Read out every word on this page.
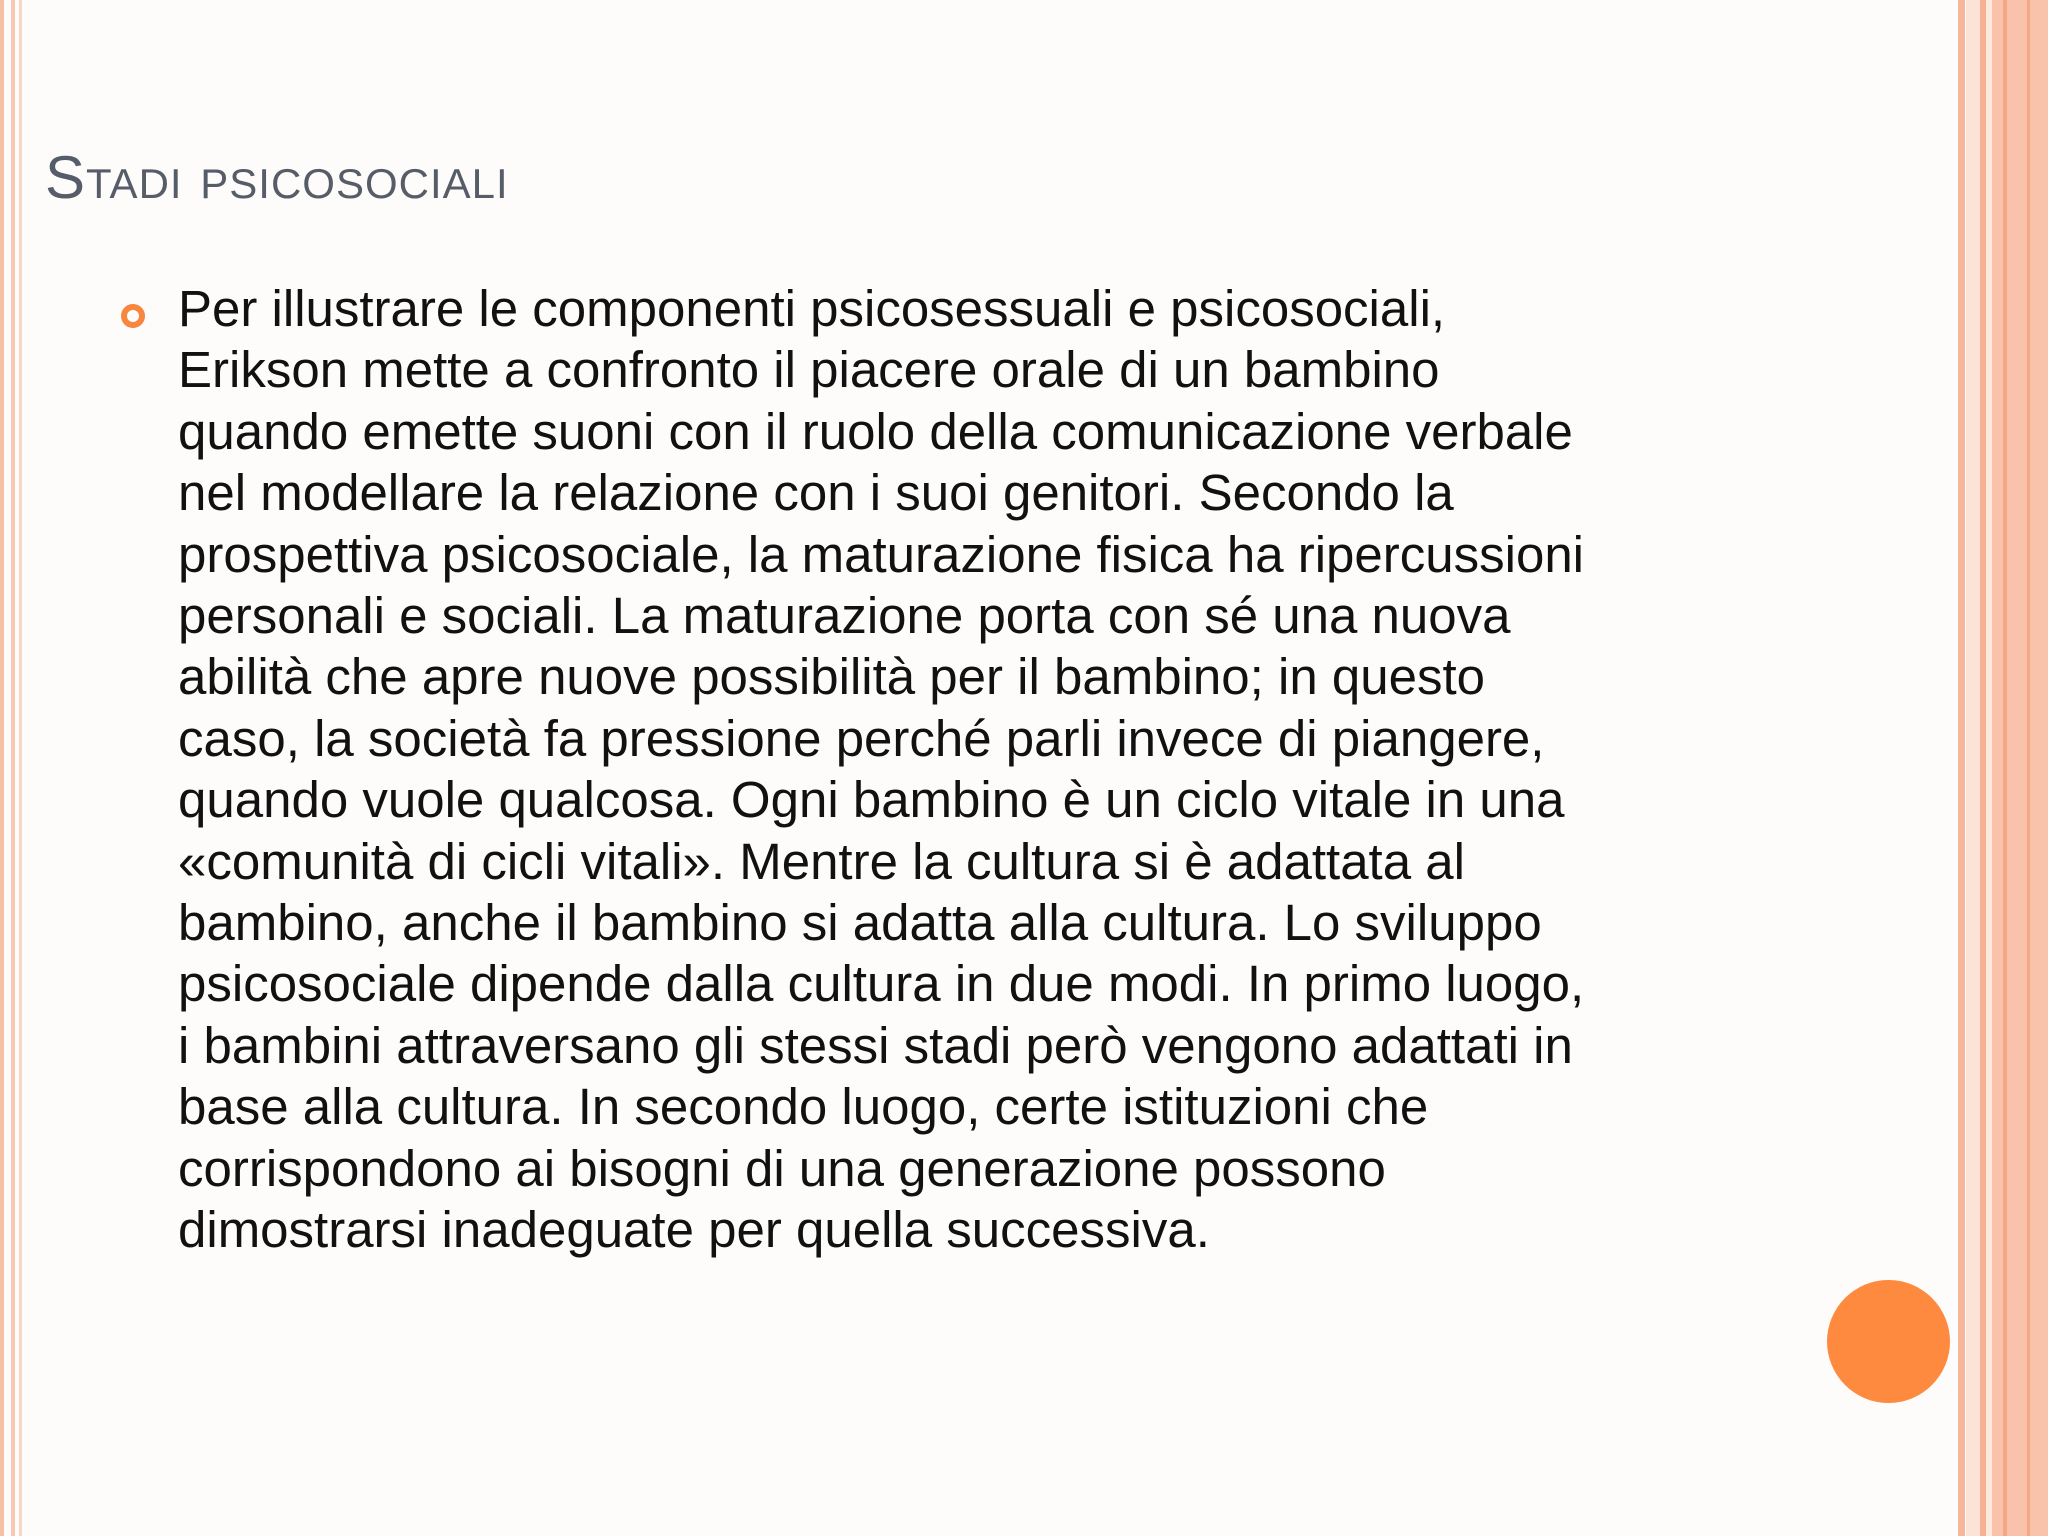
Stadi psicosociali

Per illustrare le componenti psicosessuali e psicosociali,
Erikson mette a confronto il piacere orale di un bambino
quando emette suoni con il ruolo della comunicazione verbale
nel modellare la relazione con i suoi genitori. Secondo la
prospettiva psicosociale, la maturazione fisica ha ripercussioni
personali e sociali. La maturazione porta con sé una nuova
abilità che apre nuove possibilità per il bambino; in questo
caso, la società fa pressione perché parli invece di piangere,
quando vuole qualcosa. Ogni bambino è un ciclo vitale in una
«comunità di cicli vitali». Mentre la cultura si è adattata al
bambino, anche il bambino si adatta alla cultura. Lo sviluppo
psicosociale dipende dalla cultura in due modi. In primo luogo,
i bambini attraversano gli stessi stadi però vengono adattati in
base alla cultura. In secondo luogo, certe istituzioni che
corrispondono ai bisogni di una generazione possono
dimostrarsi inadeguate per quella successiva.
